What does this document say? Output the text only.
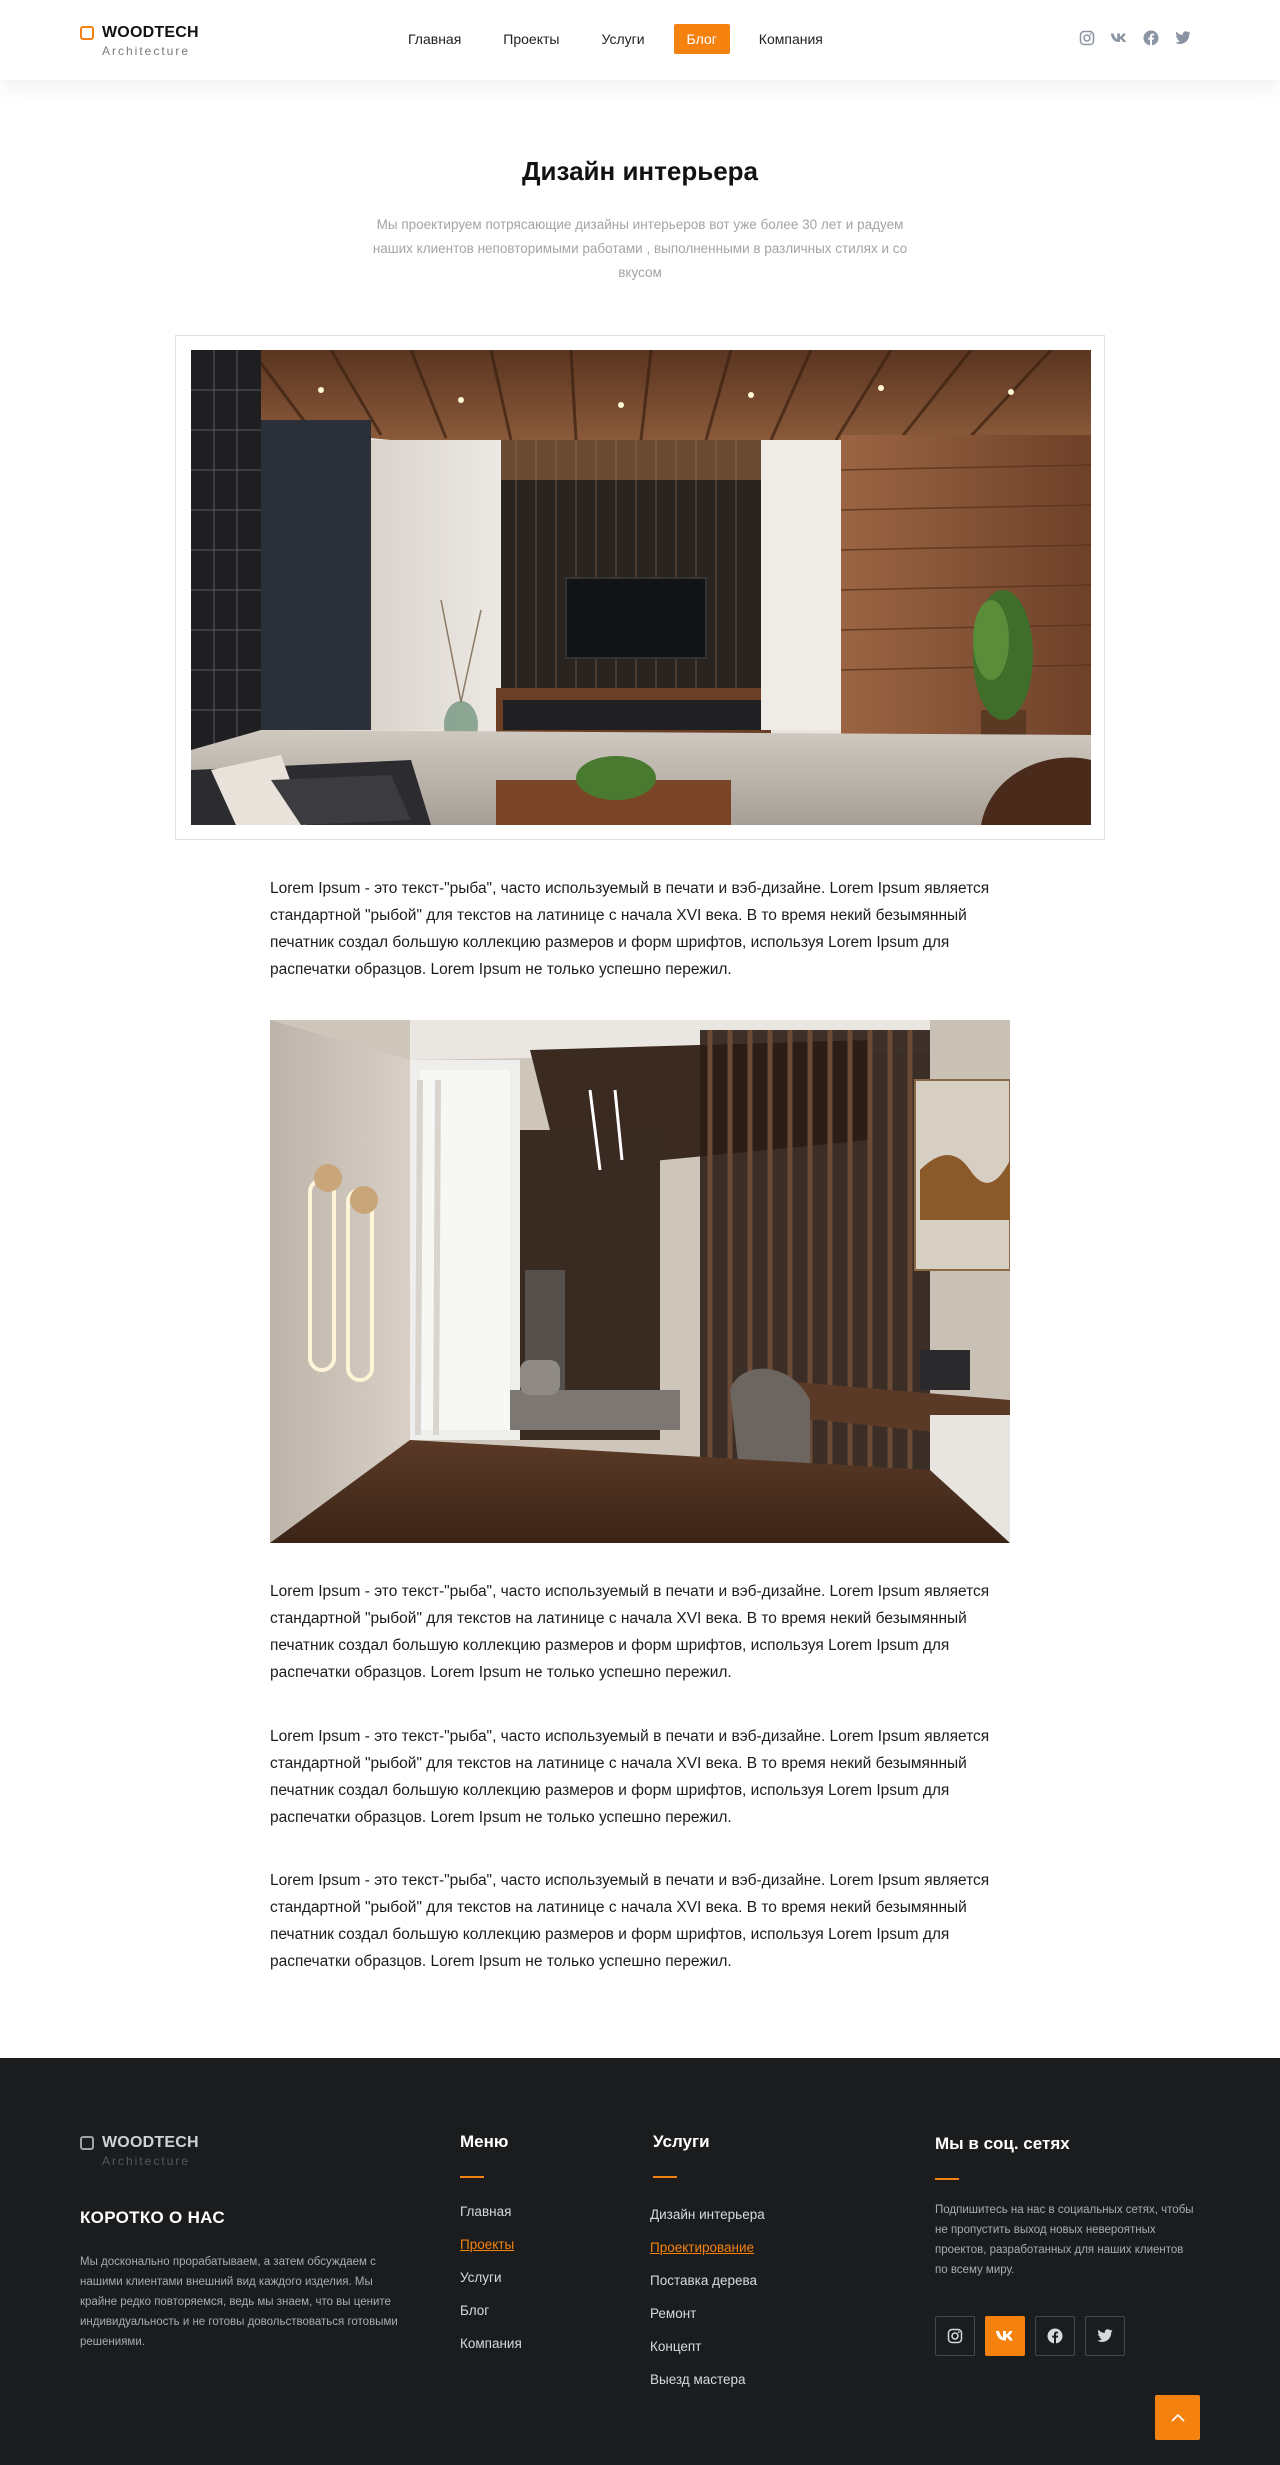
WOODTECH
Architecture
Главная	Проекты	Услуги	Блог	Компания
Дизайн интерьера

Мы проектируем потрясающие дизайны интерьеров вот уже более 30 лет и радуем наших клиентов неповторимыми работами , выполненными в различных стилях и со вкусом

Lorem Ipsum - это текст-"рыба", часто используемый в печати и вэб-дизайне. Lorem Ipsum является стандартной "рыбой" для текстов на латинице с начала XVI века. В то время некий безымянный печатник создал большую коллекцию размеров и форм шрифтов, используя Lorem Ipsum для распечатки образцов. Lorem Ipsum не только успешно пережил.

Lorem Ipsum - это текст-"рыба", часто используемый в печати и вэб-дизайне. Lorem Ipsum является стандартной "рыбой" для текстов на латинице с начала XVI века. В то время некий безымянный печатник создал большую коллекцию размеров и форм шрифтов, используя Lorem Ipsum для распечатки образцов. Lorem Ipsum не только успешно пережил.

Lorem Ipsum - это текст-"рыба", часто используемый в печати и вэб-дизайне. Lorem Ipsum является стандартной "рыбой" для текстов на латинице с начала XVI века. В то время некий безымянный печатник создал большую коллекцию размеров и форм шрифтов, используя Lorem Ipsum для распечатки образцов. Lorem Ipsum не только успешно пережил.

Lorem Ipsum - это текст-"рыба", часто используемый в печати и вэб-дизайне. Lorem Ipsum является стандартной "рыбой" для текстов на латинице с начала XVI века. В то время некий безымянный печатник создал большую коллекцию размеров и форм шрифтов, используя Lorem Ipsum для распечатки образцов. Lorem Ipsum не только успешно пережил.

WOODTECH
Architecture
КОРОТКО О НАС

Мы досконально прорабатываем, а затем обсуждаем с нашими клиентами внешний вид каждого изделия. Мы крайне редко повторяемся, ведь мы знаем, что вы цените индивидуальность и не готовы довольствоваться готовыми решениями.

Меню
Главная
Проекты
Услуги
Блог
Компания
Услуги
Дизайн интерьера
Проектирование
Поставка дерева
Ремонт
Концепт
Выезд мастера
Мы в соц. сетях

Подпишитесь на нас в социальных сетях, чтобы не пропустить выход новых невероятных проектов, разработанных для наших клиентов по всему миру.
